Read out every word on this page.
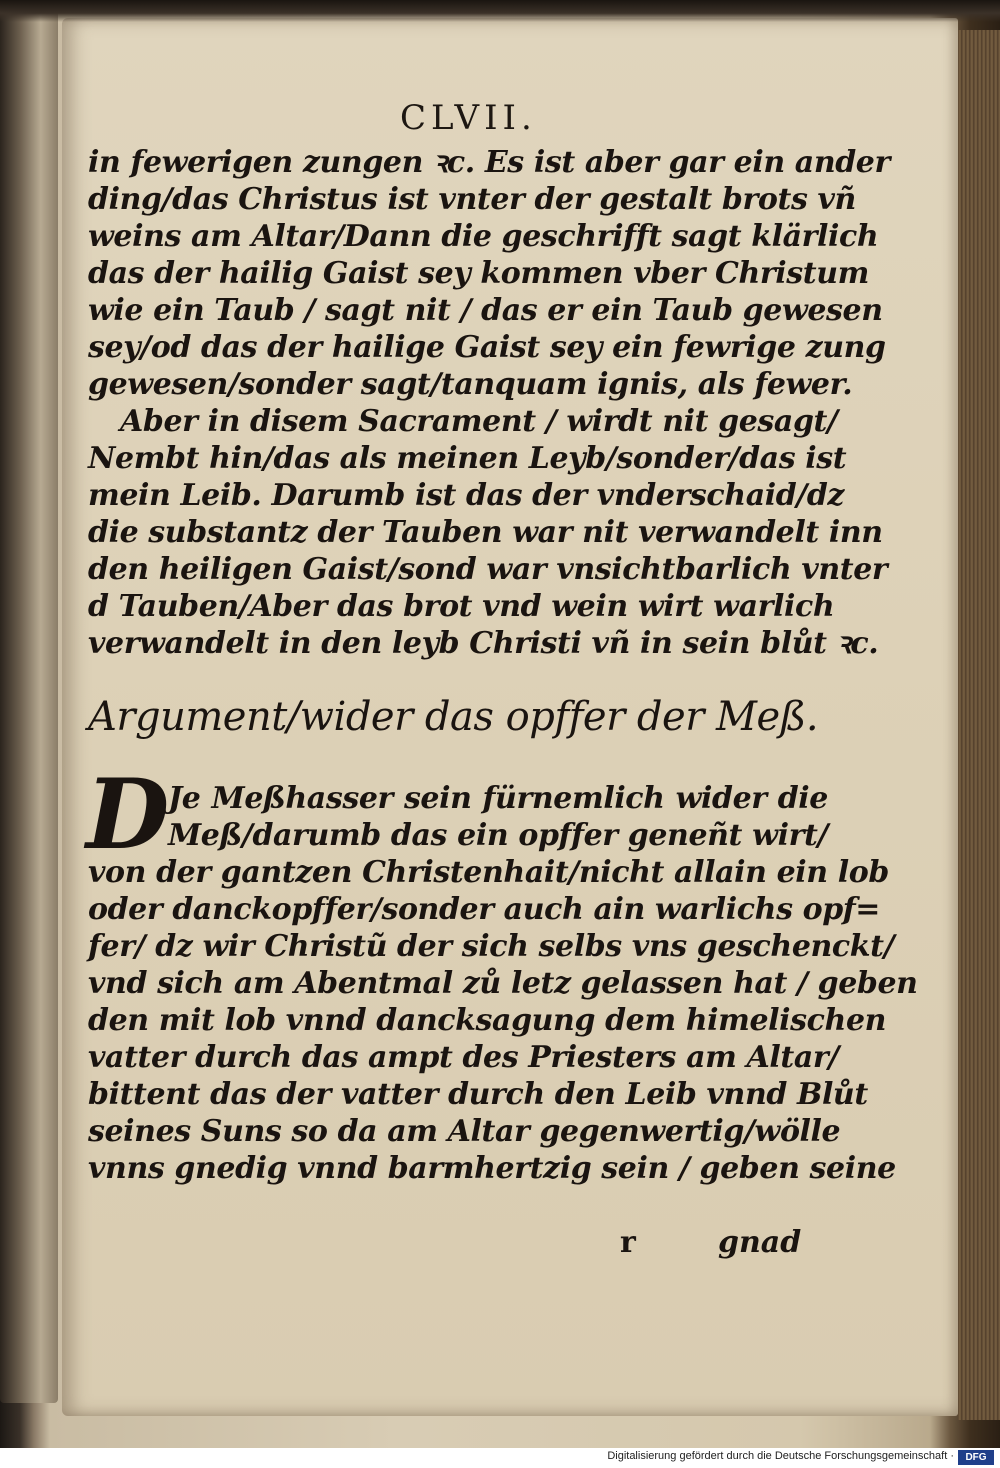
CLVII.
in fewerigen zungen ꝛc. Es ist aber gar ein ander
ding/das Christus ist vnter der gestalt brots vñ
weins am Altar/Dann die geschrifft sagt klärlich
das der hailig Gaist sey kommen vber Christum
wie ein Taub / sagt nit / das er ein Taub gewesen
sey/od das der hailige Gaist sey ein fewrige zung
gewesen/sonder sagt/tanquam ignis, als fewer.
Aber in disem Sacrament / wirdt nit gesagt/
Nembt hin/das als meinen Leyb/sonder/das ist
mein Leib. Darumb ist das der vnderschaid/dz
die substantz der Tauben war nit verwandelt inn
den heiligen Gaist/sond war vnsichtbarlich vnter
d Tauben/Aber das brot vnd wein wirt warlich
verwandelt in den leyb Christi vñ in sein blůt ꝛc.
Argument/wider das opffer der Meß.
D
Je Meßhasser sein fürnemlich wider die
Meß/darumb das ein opffer geneñt wirt/
von der gantzen Christenhait/nicht allain ein lob
oder danckopffer/sonder auch ain warlichs opf=
fer/ dz wir Christũ der sich selbs vns geschenckt/
vnd sich am Abentmal zů letz gelassen hat / geben
den mit lob vnnd dancksagung dem himelischen
vatter durch das ampt des Priesters am Altar/
bittent das der vatter durch den Leib vnnd Blůt
seines Suns so da am Altar gegenwertig/wölle
vnns gnedig vnnd barmhertzig sein / geben seine
r	gnad
Digitalisierung gefördert durch die Deutsche Forschungsgemeinschaft ·	DFG
